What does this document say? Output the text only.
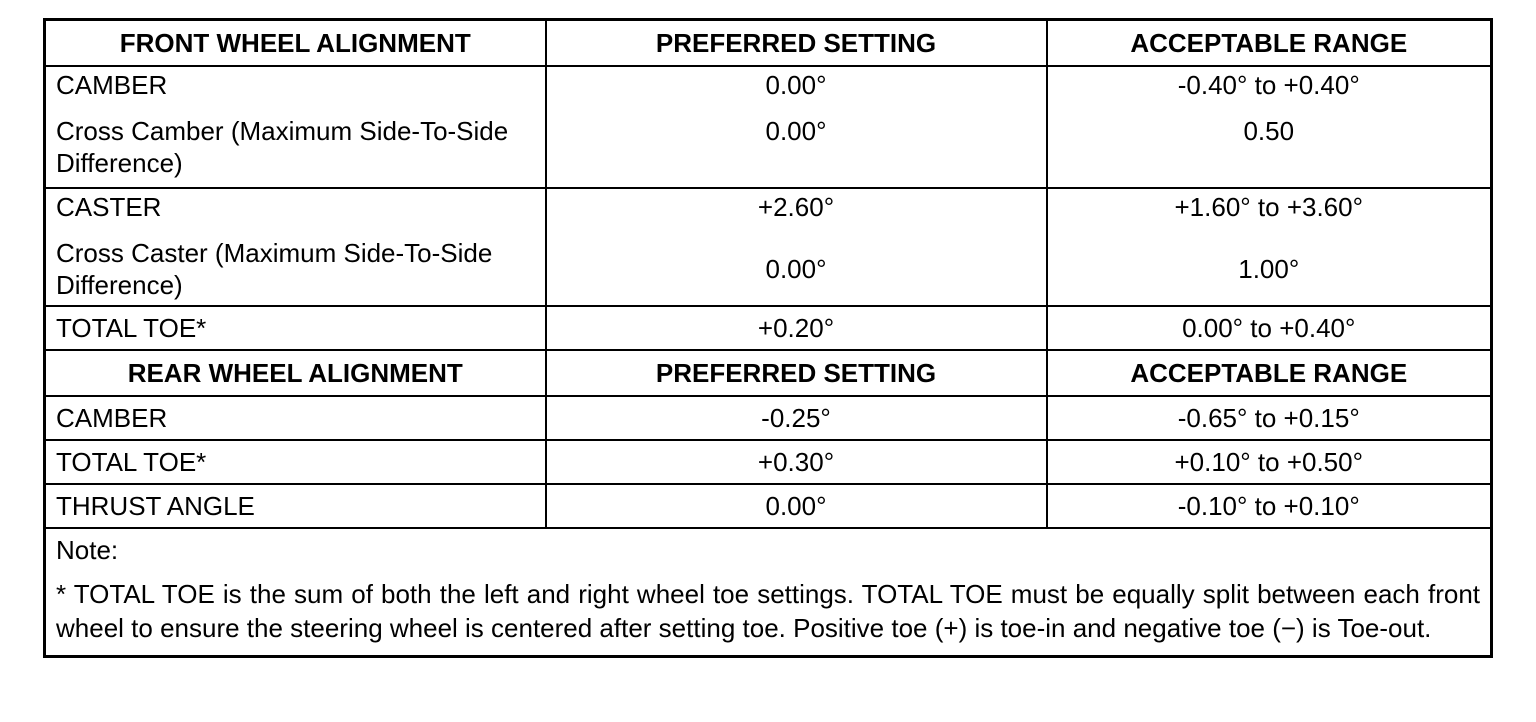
FRONT WHEEL ALIGNMENT	PREFERRED SETTING	ACCEPTABLE RANGE
CAMBER	0.00°	-0.40° to +0.40°
Cross Camber (Maximum Side-To-Side Difference)	0.00°	0.50
CASTER	+2.60°	+1.60° to +3.60°
Cross Caster (Maximum Side-To-Side Difference)	0.00°	1.00°
TOTAL TOE*	+0.20°	0.00° to +0.40°
REAR WHEEL ALIGNMENT	PREFERRED SETTING	ACCEPTABLE RANGE
CAMBER	-0.25°	-0.65° to +0.15°
TOTAL TOE*	+0.30°	+0.10° to +0.50°
THRUST ANGLE	0.00°	-0.10° to +0.10°

Note:
* TOTAL TOE is the sum of both the left and right wheel toe settings. TOTAL TOE must be equally split between each front wheel to ensure the steering wheel is centered after setting toe. Positive toe (+) is toe-in and negative toe (−) is Toe-out.		
